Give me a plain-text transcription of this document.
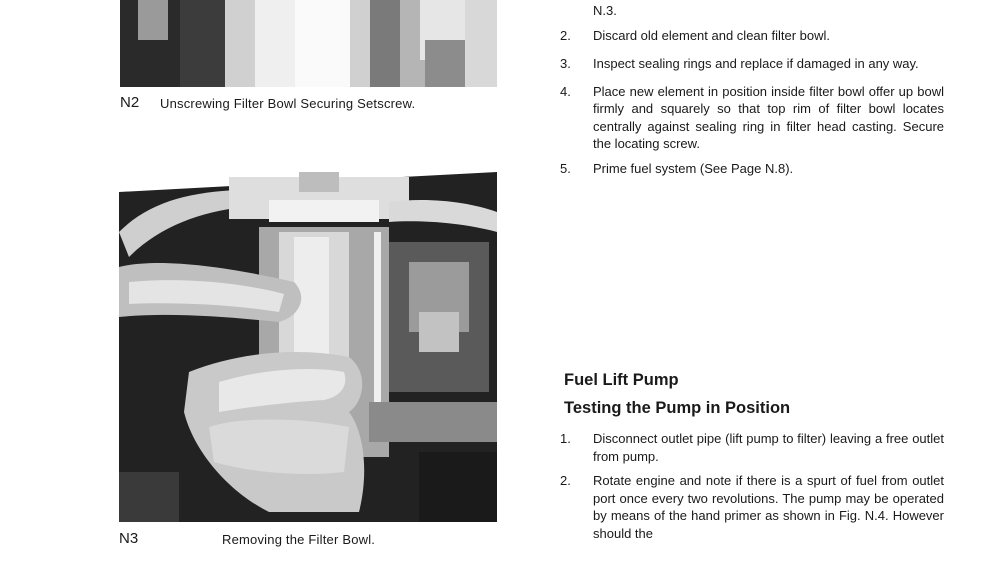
N2 Unscrewing Filter Bowl Securing Setscrew.
N3	Removing the Filter Bowl.
N.3.
2. Discard old element and clean filter bowl.
3. Inspect sealing rings and replace if damaged in any way.
4. Place new element in position inside filter bowl offer up bowl firmly and squarely so that top rim of filter bowl locates centrally against sealing ring in filter head casting. Secure the locating screw.
5. Prime fuel system (See Page N.8).
Fuel Lift Pump
Testing the Pump in Position
1. Disconnect outlet pipe (lift pump to filter) leaving a free outlet from pump.
2. Rotate engine and note if there is a spurt of fuel from outlet port once every two revolutions. The pump may be operated by means of the hand primer as shown in Fig. N.4. However should the
